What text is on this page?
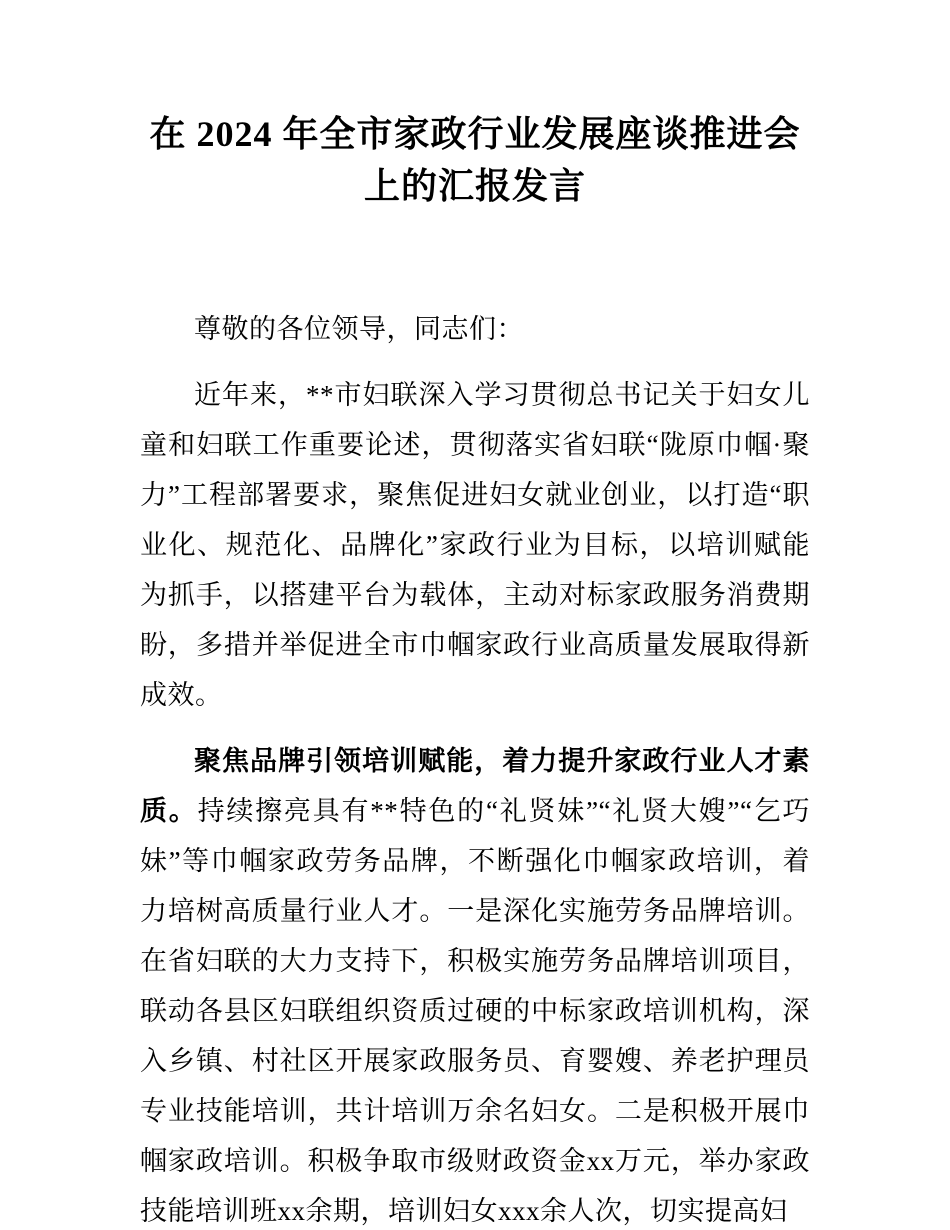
在 2024 年全市家政行业发展座谈推进会上的汇报发言

尊敬的各位领导，同志们：

近年来，**市妇联深入学习贯彻总书记关于妇女儿童和妇联工作重要论述，贯彻落实省妇联“陇原巾帼·聚力”工程部署要求，聚焦促进妇女就业创业，以打造“职业化、规范化、品牌化”家政行业为目标，以培训赋能为抓手，以搭建平台为载体，主动对标家政服务消费期盼，多措并举促进全市巾帼家政行业高质量发展取得新成效。

聚焦品牌引领培训赋能，着力提升家政行业人才素质。持续擦亮具有**特色的“礼贤妹”“礼贤大嫂”“乞巧妹”等巾帼家政劳务品牌，不断强化巾帼家政培训，着力培树高质量行业人才。一是深化实施劳务品牌培训。在省妇联的大力支持下，积极实施劳务品牌培训项目，联动各县区妇联组织资质过硬的中标家政培训机构，深入乡镇、村社区开展家政服务员、育婴嫂、养老护理员专业技能培训，共计培训万余名妇女。二是积极开展巾帼家政培训。积极争取市级财政资金xx万元，举办家政技能培训班xx余期，培训妇女xxx余人次，切实提高妇
